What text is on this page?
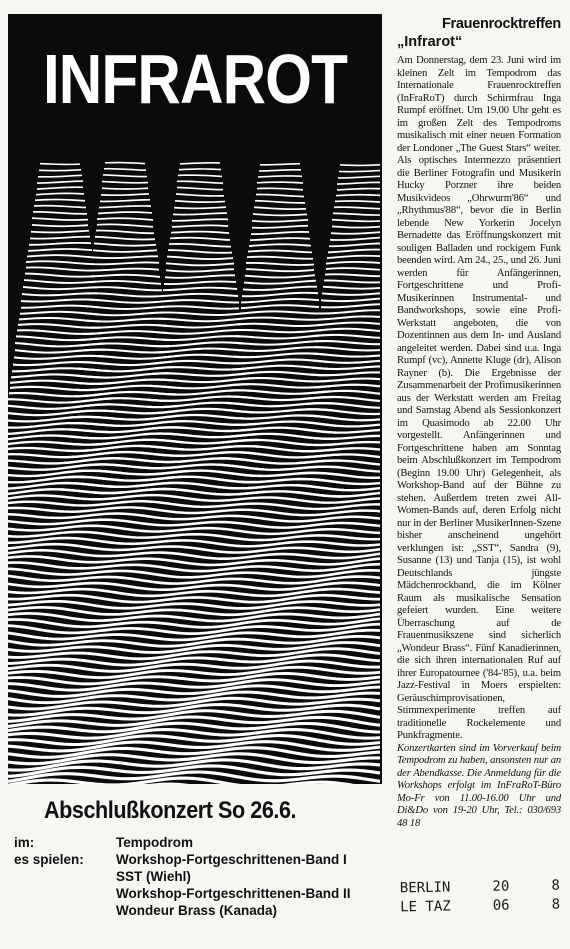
INFRAROT
Abschlußkonzert So 26.6.
im:	Tempodrom
es spielen:	Workshop-Fortgeschrittenen-Band I
SST (Wiehl)
Workshop-Fortgeschrittenen-Band II
Wondeur Brass (Kanada)
Frauenrocktreffen
„Infrarot“
Am Donnerstag, dem 23. Juni wird im kleinen Zelt im Tempodrom das Internationale Frauenrocktreffen (InFraRoT) durch Schirmfrau Inga Rumpf eröffnet. Um 19.00 Uhr geht es im großen Zelt des Tempodroms musikalisch mit einer neuen Formation der Londoner „The Guest Stars“ weiter. Als optisches Intermezzo präsentiert die Berliner Fotografin und Musikerin Hucky Porzner ihre beiden Musikvideos „Ohrwurm'86“ und „Rhythmus'88“, bevor die in Berlin lebende New Yorkerin Jocelyn Bernadette das Eröffnungskonzert mit souligen Balladen und rockigem Funk beenden wird. Am 24., 25., und 26. Juni werden für Anfängerinnen, Fortgeschrittene und Profi-Musikerinnen Instrumental- und Bandworkshops, sowie eine Profi-Werkstatt angeboten, die von Dozentinnen aus dem In- und Ausland angeleitet werden. Dabei sind u.a. Inga Rumpf (vc), Annette Kluge (dr), Alison Rayner (b). Die Ergebnisse der Zusammenarbeit der Profimusikerinnen aus der Werkstatt werden am Freitag und Samstag Abend als Sessionkonzert im Quasimodo ab 22.00 Uhr vorgestellt. Anfängerinnen und Fortgeschrittene haben am Sonntag beim Abschlußkonzert im Tempodrom (Beginn 19.00 Uhr) Gelegenheit, als Workshop-Band auf der Bühne zu stehen. Außerdem treten zwei All-Women-Bands auf, deren Erfolg nicht nur in der Berliner MusikerInnen-Szene bisher anscheinend ungehört verklungen ist: „SST“, Sandra (9), Susanne (13) und Tanja (15), ist wohl Deutschlands jüngste Mädchenrockband, die im Kölner Raum als musikalische Sensation gefeiert wurden. Eine weitere Überraschung auf de Frauenmusikszene sind sicherlich „Wondeur Brass“. Fünf Kanadierinnen, die sich ihren internationalen Ruf auf ihrer Europatournee ('84-'85), u.a. beim Jazz-Festival in Moers erspielten: Geräuschimprovisationen, Stimmexperimente treffen auf traditionelle Rockelemente und Punkfragmente.
Konzertkarten sind im Vorverkauf beim Tempodrom zu haben, ansonsten nur an der Abendkasse. Die Anmeldung für die Workshops erfolgt im InFraRoT-Büro Mo-Fr von 11.00-16.00 Uhr und Di&Do von 19-20 Uhr, Tel.: 030/693 48 18
BERLIN	20	8
LE TAZ	06	8
